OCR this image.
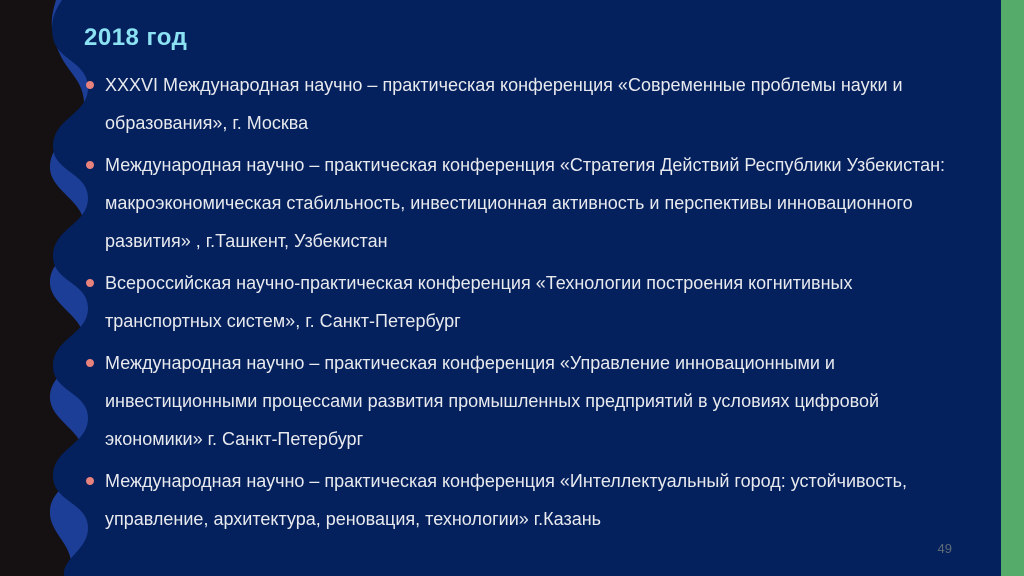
2018 год
XXXVI Международная научно – практическая конференция «Современные проблемы науки и образования», г. Москва
Международная научно – практическая конференция «Стратегия Действий Республики Узбекистан: макроэкономическая стабильность, инвестиционная активность и перспективы инновационного развития» , г.Ташкент, Узбекистан
Всероссийская научно-практическая конференция «Технологии построения когнитивных транспортных систем», г. Санкт-Петербург
Международная научно – практическая конференция «Управление инновационными и инвестиционными процессами развития промышленных предприятий в условиях цифровой экономики» г. Санкт-Петербург
Международная научно – практическая конференция «Интеллектуальный город: устойчивость, управление, архитектура, реновация, технологии» г.Казань
49
